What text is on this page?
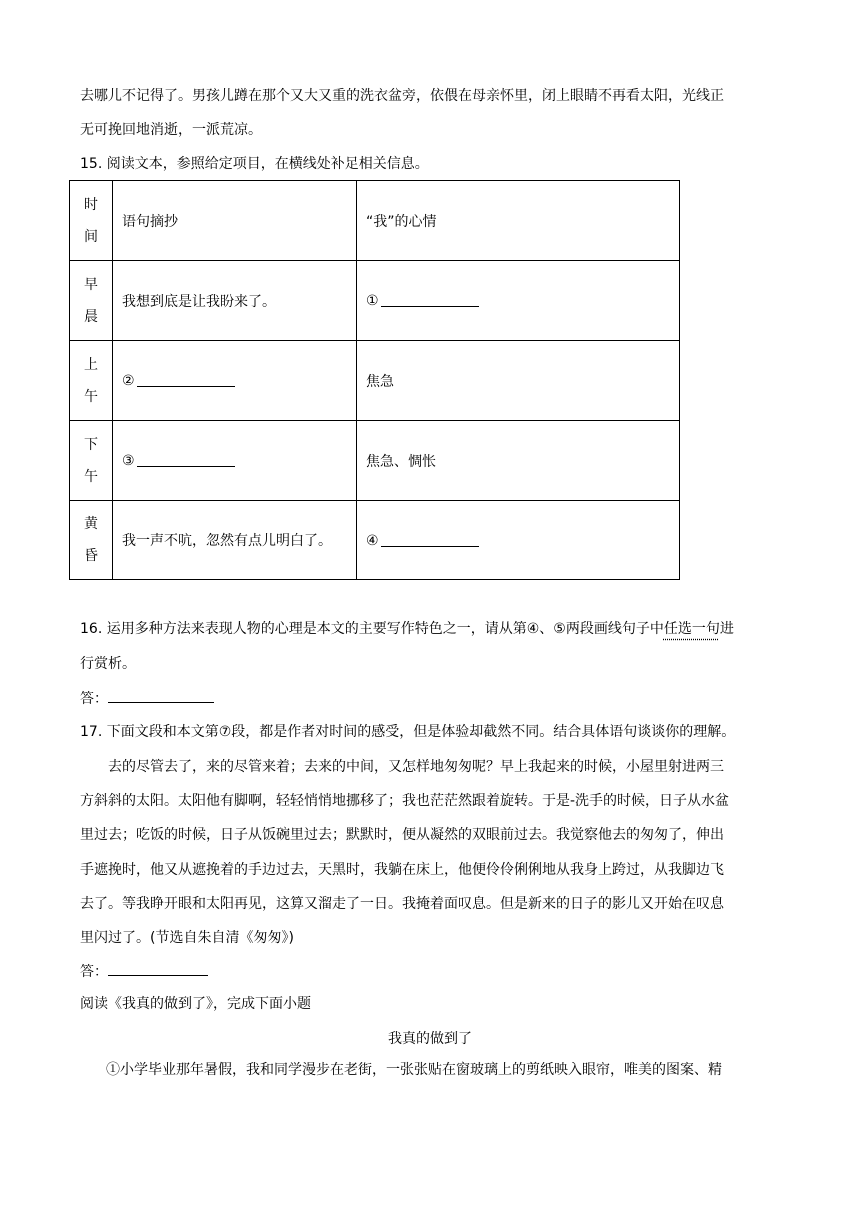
去哪儿不记得了。男孩儿蹲在那个又大又重的洗衣盆旁，依偎在母亲怀里，闭上眼睛不再看太阳，光线正
无可挽回地消逝，一派荒凉。
15. 阅读文本，参照给定项目，在横线处补足相关信息。
时
间	语句摘抄	“我”的心情

早
晨	我想到底是让我盼来了。	①

上
午	②	焦急

下
午	③	焦急、惆怅

黄
昏	我一声不吭，忽然有点儿明白了。	④
16. 运用多种方法来表现人物的心理是本文的主要写作特色之一，请从第④、⑤两段画线句子中任选一句进
行赏析。
答：
17. 下面文段和本文第⑦段，都是作者对时间的感受，但是体验却截然不同。结合具体语句谈谈你的理解。
去的尽管去了，来的尽管来着；去来的中间，又怎样地匆匆呢？早上我起来的时候，小屋里射进两三
方斜斜的太阳。太阳他有脚啊，轻轻悄悄地挪移了；我也茫茫然跟着旋转。于是-洗手的时候，日子从水盆
里过去；吃饭的时候，日子从饭碗里过去；默默时，便从凝然的双眼前过去。我觉察他去的匆匆了，伸出
手遮挽时，他又从遮挽着的手边过去，天黑时，我躺在床上，他便伶伶俐俐地从我身上跨过，从我脚边飞
去了。等我睁开眼和太阳再见，这算又溜走了一日。我掩着面叹息。但是新来的日子的影儿又开始在叹息
里闪过了。(节选自朱自清《匆匆》)
答：
阅读《我真的做到了》，完成下面小题
我真的做到了
①小学毕业那年暑假，我和同学漫步在老街，一张张贴在窗玻璃上的剪纸映入眼帘，唯美的图案、精
